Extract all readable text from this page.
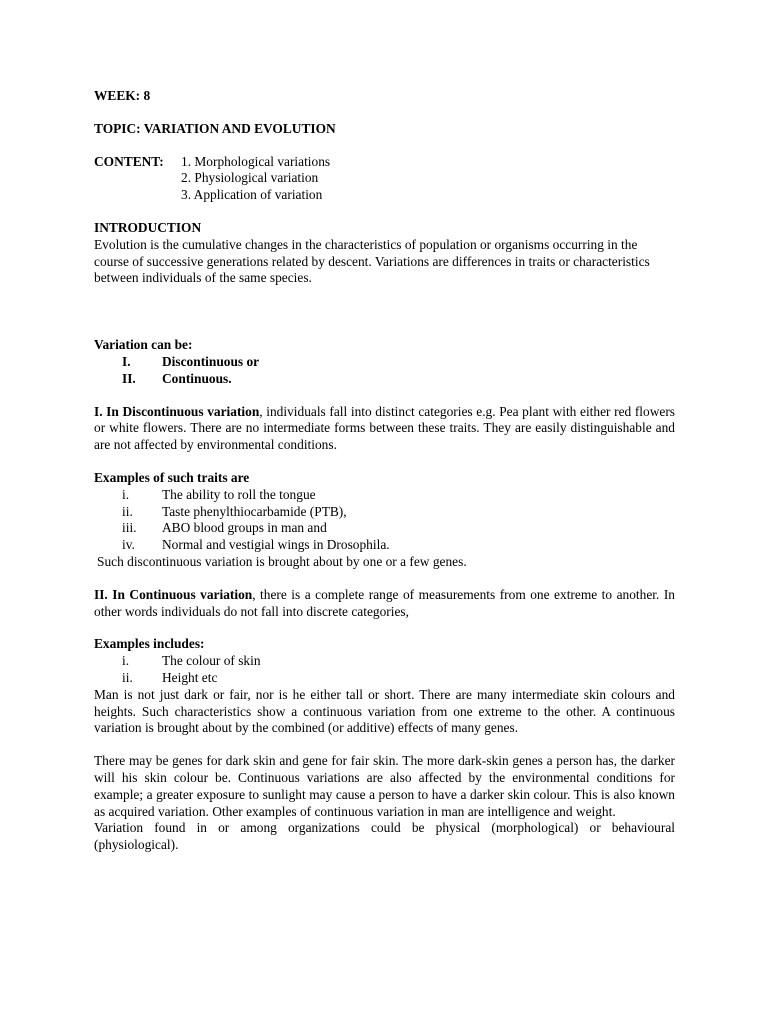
WEEK: 8

TOPIC: VARIATION AND EVOLUTION

CONTENT:	1. Morphological variations
2. Physiological variation
3. Application of variation

INTRODUCTION

Evolution is the cumulative changes in the characteristics of population or organisms occurring in the course of successive generations related by descent. Variations are differences in traits or characteristics between individuals of the same species.

Variation can be:

I.	Discontinuous or
II.	Continuous.

I. In Discontinuous variation, individuals fall into distinct categories e.g. Pea plant with either red flowers or white flowers. There are no intermediate forms between these traits. They are easily distinguishable and are not affected by environmental conditions.

Examples of such traits are

i.	The ability to roll the tongue
ii.	Taste phenylthiocarbamide (PTB),
iii.	ABO blood groups in man and
iv.	Normal and vestigial wings in Drosophila.

Such discontinuous variation is brought about by one or a few genes.

II. In Continuous variation, there is a complete range of measurements from one extreme to another. In other words individuals do not fall into discrete categories,

Examples includes:

i.	The colour of skin
ii.	Height etc

Man is not just dark or fair, nor is he either tall or short. There are many intermediate skin colours and heights. Such characteristics show a continuous variation from one extreme to the other. A continuous variation is brought about by the combined (or additive) effects of many genes.

There may be genes for dark skin and gene for fair skin. The more dark-skin genes a person has, the darker will his skin colour be. Continuous variations are also affected by the environmental conditions for example; a greater exposure to sunlight may cause a person to have a darker skin colour. This is also known as acquired variation. Other examples of continuous variation in man are intelligence and weight.

Variation found in or among organizations could be physical (morphological) or behavioural (physiological).
